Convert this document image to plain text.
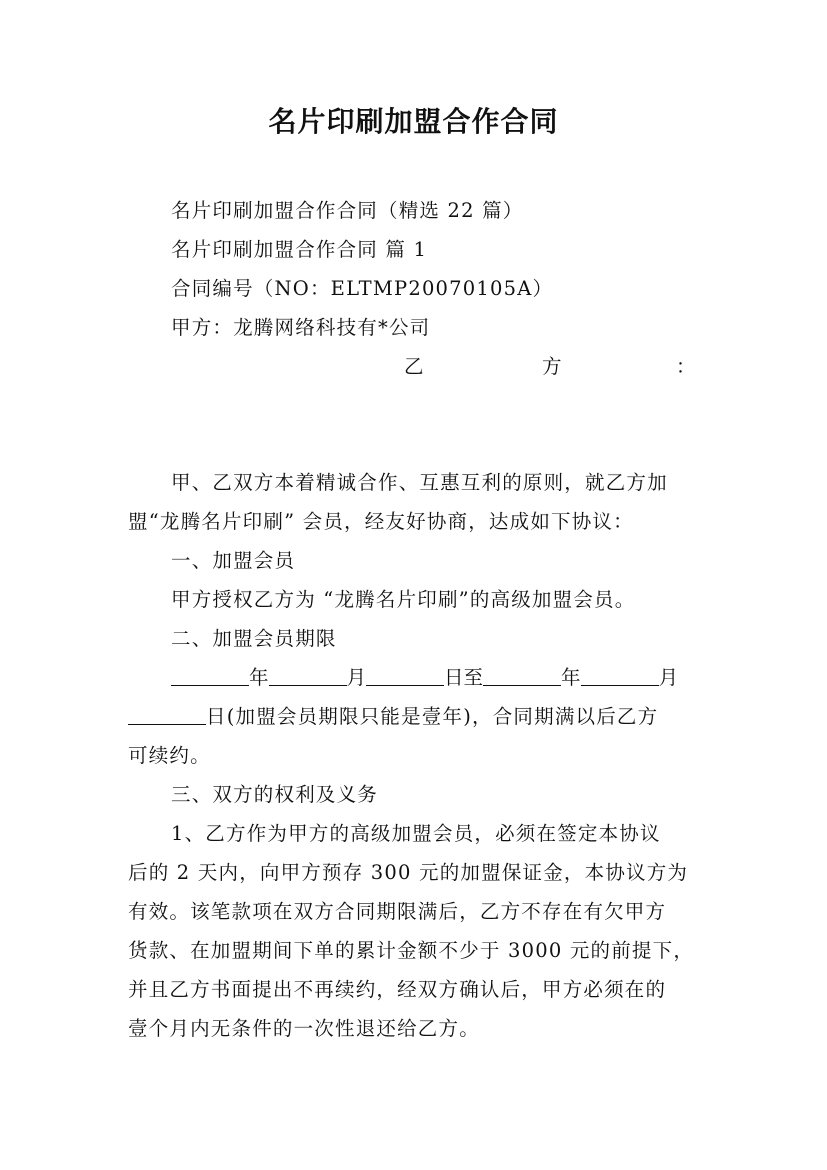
名片印刷加盟合作合同
名片印刷加盟合作合同（精选 22 篇）
名片印刷加盟合作合同 篇 1
合同编号（NO：ELTMP20070105A）
甲方：龙腾网络科技有*公司
乙	方	：
甲、乙双方本着精诚合作、互惠互利的原则，就乙方加
盟“龙腾名片印刷” 会员，经友好协商，达成如下协议：
一、加盟会员
甲方授权乙方为 “龙腾名片印刷”的高级加盟会员。
二、加盟会员期限
年	月	日至	年	月
日(加盟会员期限只能是壹年)，合同期满以后乙方
可续约。
三、双方的权利及义务
1、乙方作为甲方的高级加盟会员，必须在签定本协议
后的 2 天内，向甲方预存 300 元的加盟保证金，本协议方为
有效。该笔款项在双方合同期限满后，乙方不存在有欠甲方
货款、在加盟期间下单的累计金额不少于 3000 元的前提下，
并且乙方书面提出不再续约，经双方确认后，甲方必须在的
壹个月内无条件的一次性退还给乙方。
